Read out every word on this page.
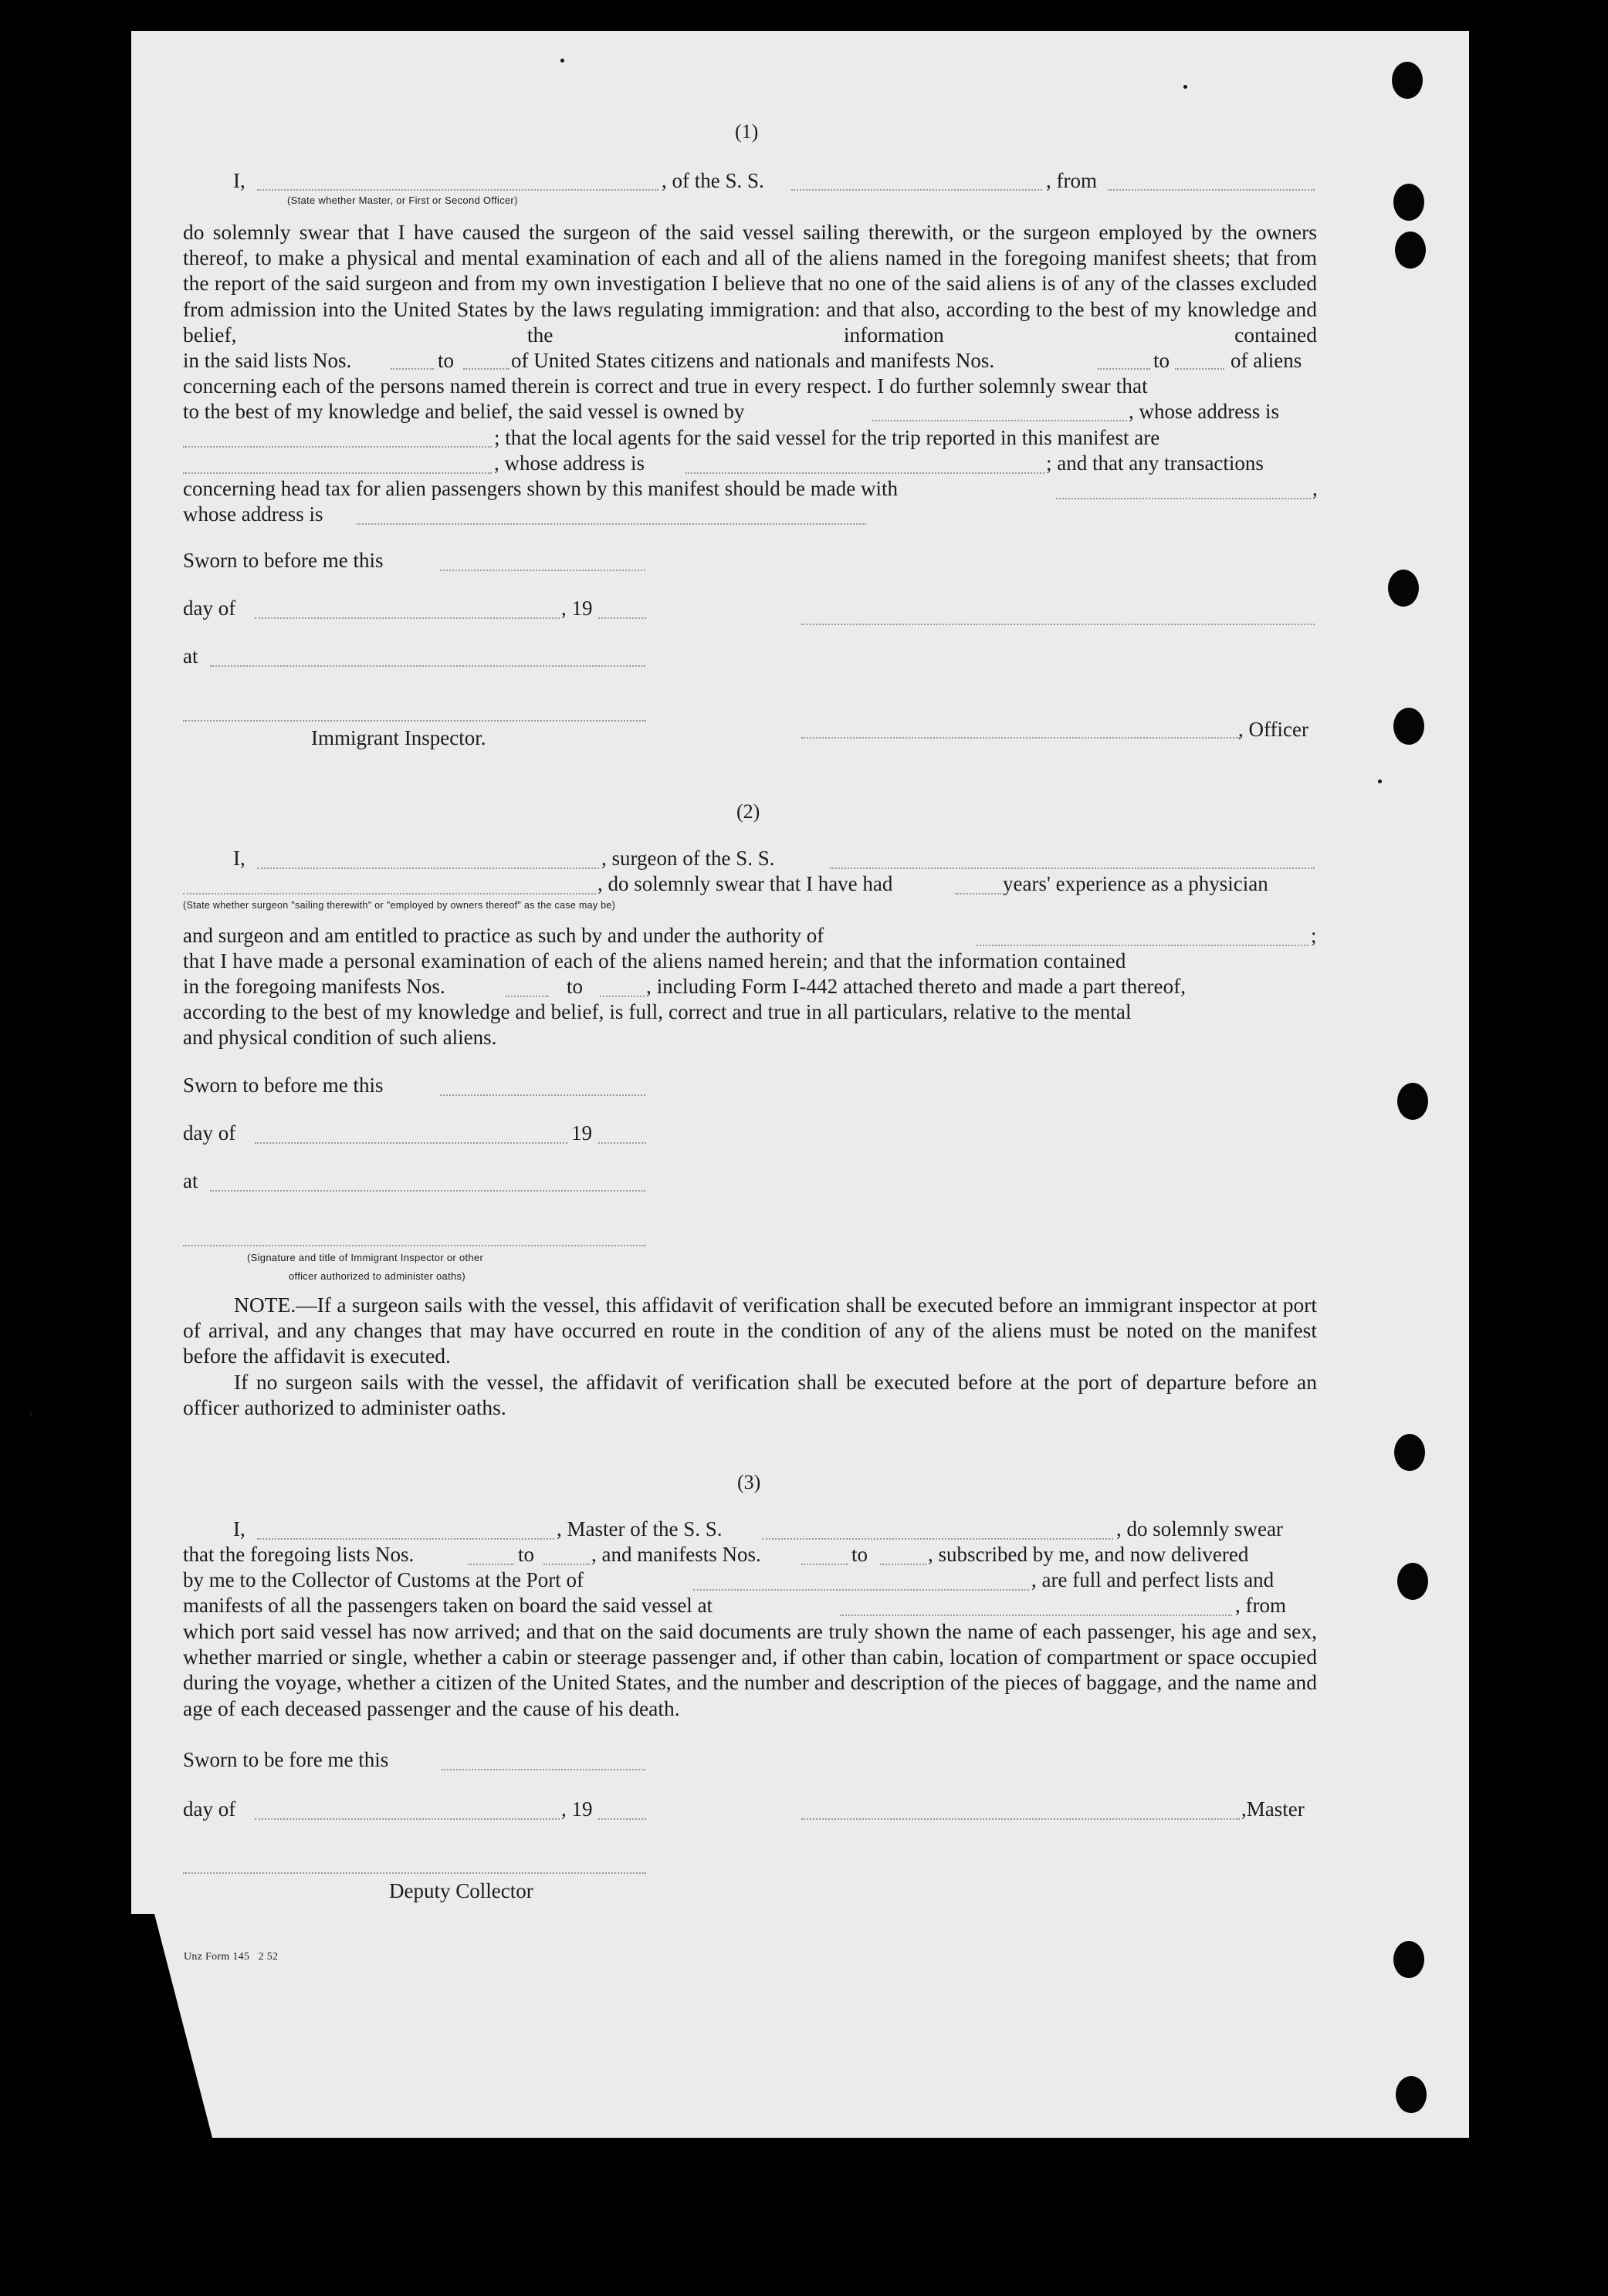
(1)
I,	, of the S. S.	, from
(State whether Master, or First or Second Officer)
do solemnly swear that I have caused the surgeon of the said vessel sailing therewith, or the surgeon employed by the owners thereof, to make a physical and mental examination of each and all of the aliens named in the foregoing manifest sheets; that from the report of the said surgeon and from my own investigation I believe that no one of the said aliens is of any of the classes excluded from admission into the United States by the laws regulating immigration: and that also, according to the best of my knowledge and belief, the information contained
in the said lists Nos.	to	of United States citizens and nationals and manifests Nos.	to	of aliens
concerning each of the persons named therein is correct and true in every respect. I do further solemnly swear that
to the best of my knowledge and belief, the said vessel is owned by	, whose address is
; that the local agents for the said vessel for the trip reported in this manifest are
, whose address is	; and that any transactions
concerning head tax for alien passengers shown by this manifest should be made with	,
whose address is
Sworn to before me this
day of	, 19
at
, Officer
Immigrant Inspector.
(2)
I,	, surgeon of the S. S.
, do solemnly swear that I have had	years' experience as a physician
(State whether surgeon "sailing therewith" or "employed by owners thereof" as the case may be)
and surgeon and am entitled to practice as such by and under the authority of	;
that I have made a personal examination of each of the aliens named herein; and that the information contained
in the foregoing manifests Nos.	to	, including Form I-442 attached thereto and made a part thereof,
according to the best of my knowledge and belief, is full, correct and true in all particulars, relative to the mental
and physical condition of such aliens.
Sworn to before me this
day of	19
at
(Signature and title of Immigrant Inspector or other
officer authorized to administer oaths)
NOTE.—If a surgeon sails with the vessel, this affidavit of verification shall be executed before an immigrant inspector at port of arrival, and any changes that may have occurred en route in the condition of any of the aliens must be noted on the manifest before the affidavit is executed.
If no surgeon sails with the vessel, the affidavit of verification shall be executed before at the port of departure before an officer authorized to administer oaths.
(3)
I,	, Master of the S. S.	, do solemnly swear
that the foregoing lists Nos.	to	, and manifests Nos.	to	, subscribed by me, and now delivered
by me to the Collector of Customs at the Port of	, are full and perfect lists and
manifests of all the passengers taken on board the said vessel at	, from
which port said vessel has now arrived; and that on the said documents are truly shown the name of each passenger, his age and sex, whether married or single, whether a cabin or steerage passenger and, if other than cabin, location of compartment or space occupied during the voyage, whether a citizen of the United States, and the number and description of the pieces of baggage, and the name and age of each deceased passenger and the cause of his death.
Sworn to be fore me this
day of	, 19	,Master
Deputy Collector
Unz Form 145   2 52
